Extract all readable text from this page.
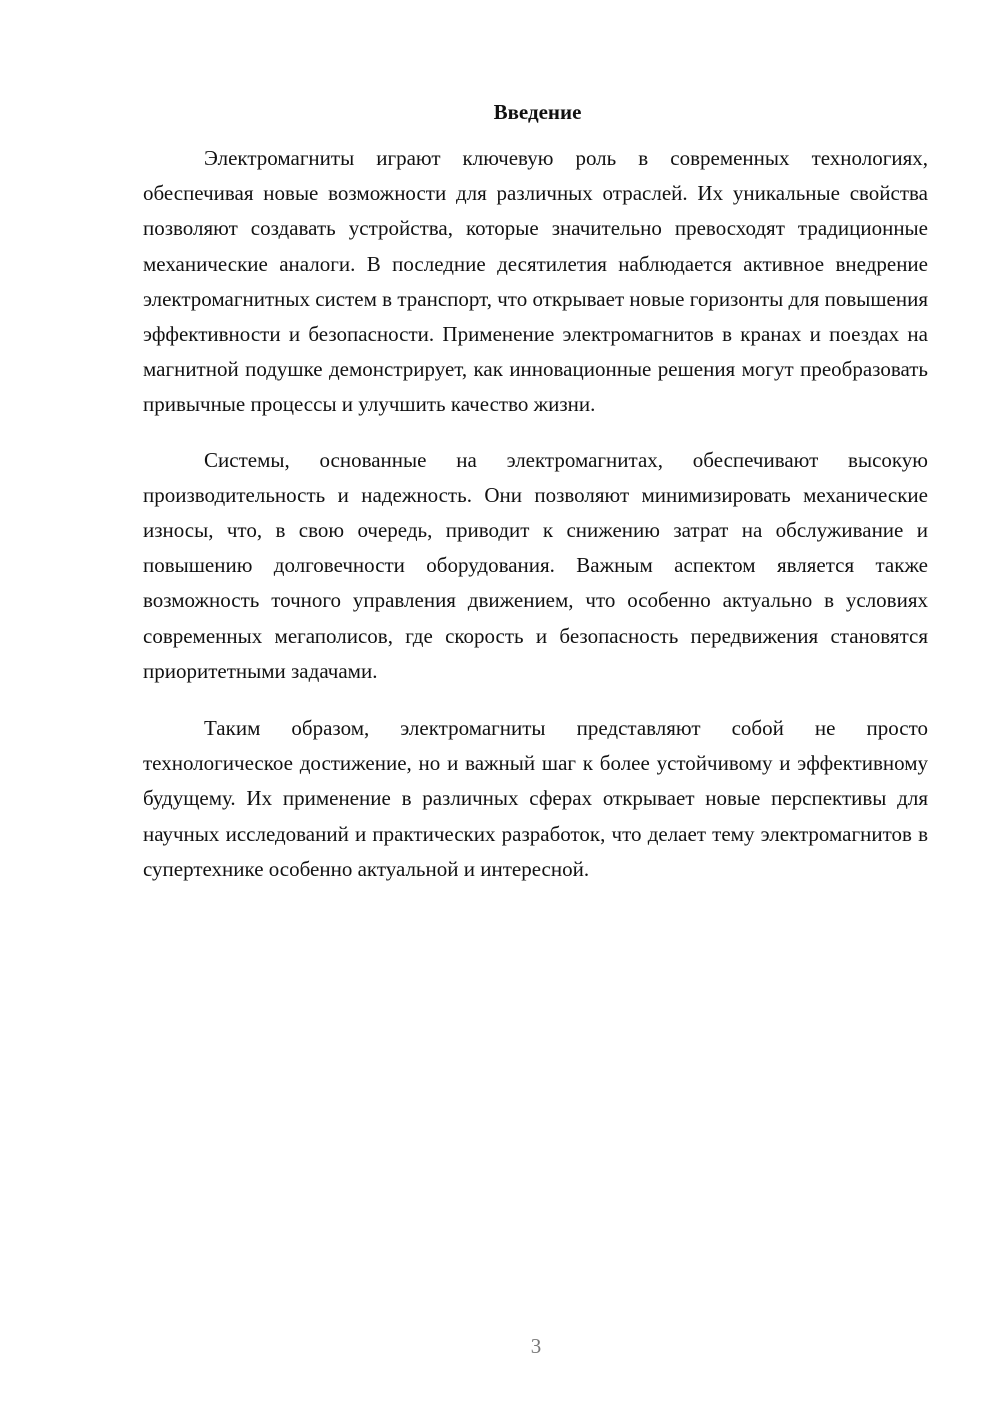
Введение

Электромагниты играют ключевую роль в современных технологиях, обеспечивая новые возможности для различных отраслей. Их уникальные свойства позволяют создавать устройства, которые значительно превосходят традиционные механические аналоги. В последние десятилетия наблюдается активное внедрение электромагнитных систем в транспорт, что открывает новые горизонты для повышения эффективности и безопасности. Применение электромагнитов в кранах и поездах на магнитной подушке демонстрирует, как инновационные решения могут преобразовать привычные процессы и улучшить качество жизни.

Системы, основанные на электромагнитах, обеспечивают высокую производительность и надежность. Они позволяют минимизировать механические износы, что, в свою очередь, приводит к снижению затрат на обслуживание и повышению долговечности оборудования. Важным аспектом является также возможность точного управления движением, что особенно актуально в условиях современных мегаполисов, где скорость и безопасность передвижения становятся приоритетными задачами.

Таким образом, электромагниты представляют собой не просто технологическое достижение, но и важный шаг к более устойчивому и эффективному будущему. Их применение в различных сферах открывает новые перспективы для научных исследований и практических разработок, что делает тему электромагнитов в супертехнике особенно актуальной и интересной.

3
